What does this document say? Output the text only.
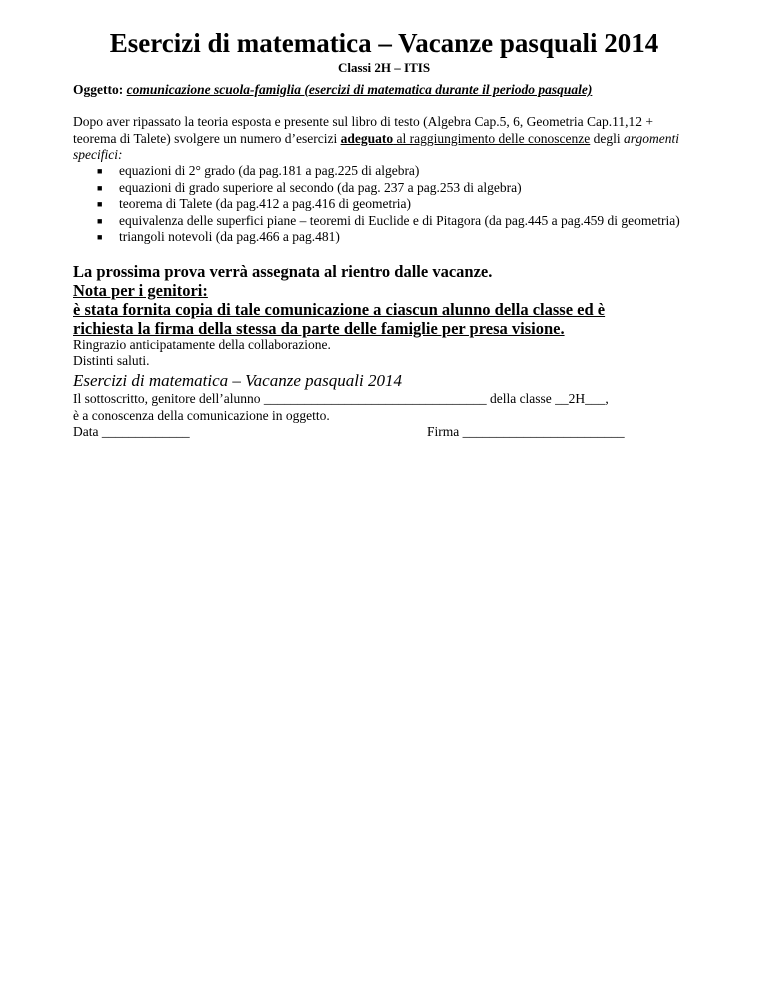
Esercizi di matematica – Vacanze pasquali 2014
Classi 2H – ITIS
Oggetto: comunicazione scuola-famiglia (esercizi di matematica durante il periodo pasquale)
Dopo aver ripassato la teoria esposta e presente sul libro di testo (Algebra Cap.5, 6, Geometria Cap.11,12 + teorema di Talete) svolgere un numero d’esercizi adeguato al raggiungimento delle conoscenze degli argomenti specifici:
■ equazioni di 2° grado (da pag.181 a pag.225 di algebra)
■ equazioni di grado superiore al secondo (da pag. 237 a pag.253 di algebra)
■ teorema di Talete (da pag.412 a pag.416 di geometria)
■ equivalenza delle superfici piane – teoremi di Euclide e di Pitagora (da pag.445 a pag.459 di geometria)
■ triangoli notevoli (da pag.466 a pag.481)
La prossima prova verrà assegnata al rientro dalle vacanze.
Nota per i genitori:
è stata fornita copia di tale comunicazione a ciascun alunno della classe ed è
richiesta la firma della stessa da parte delle famiglie per presa visione.
Ringrazio anticipatamente della collaborazione.
Distinti saluti.
Esercizi di matematica – Vacanze pasquali 2014
Il sottoscritto, genitore dell’alunno _________________________________ della classe __2H___,
è a conoscenza della comunicazione in oggetto.
Data _____________	Firma ________________________
